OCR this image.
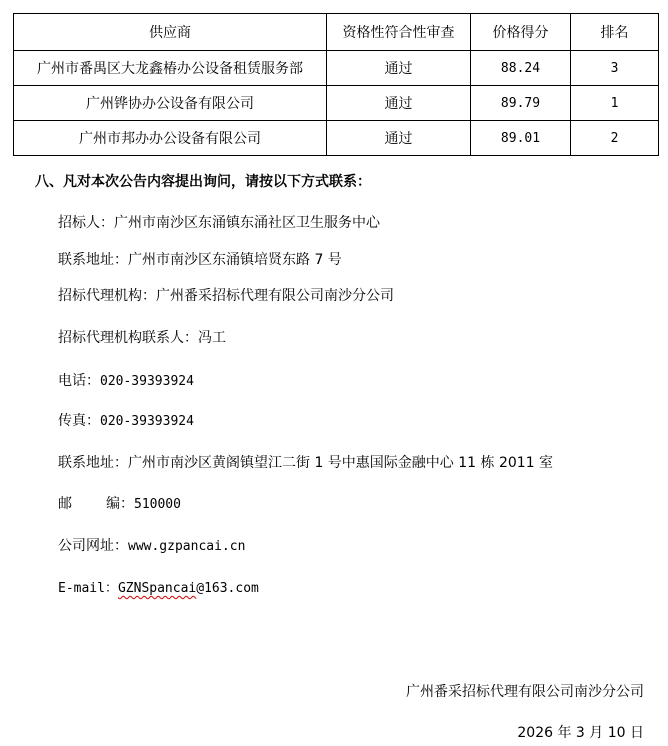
供应商	资格性符合性审查	价格得分	排名
广州市番禺区大龙鑫椿办公设备租赁服务部	通过	88.24	3
广州铧协办公设备有限公司	通过	89.79	1
广州市邦办办公设备有限公司	通过	89.01	2
八、凡对本次公告内容提出询问，请按以下方式联系：
招标人：广州市南沙区东涌镇东涌社区卫生服务中心
联系地址：广州市南沙区东涌镇培贤东路 7 号
招标代理机构：广州番采招标代理有限公司南沙分公司
招标代理机构联系人：冯工
电话：020-39393924
传真：020-39393924
联系地址：广州市南沙区黄阁镇望江二街 1 号中惠国际金融中心 11 栋 2011 室
邮 编：510000
公司网址：www.gzpancai.cn
E-mail：GZNSpancai@163.com
广州番采招标代理有限公司南沙分公司
2026 年 3 月 10 日
